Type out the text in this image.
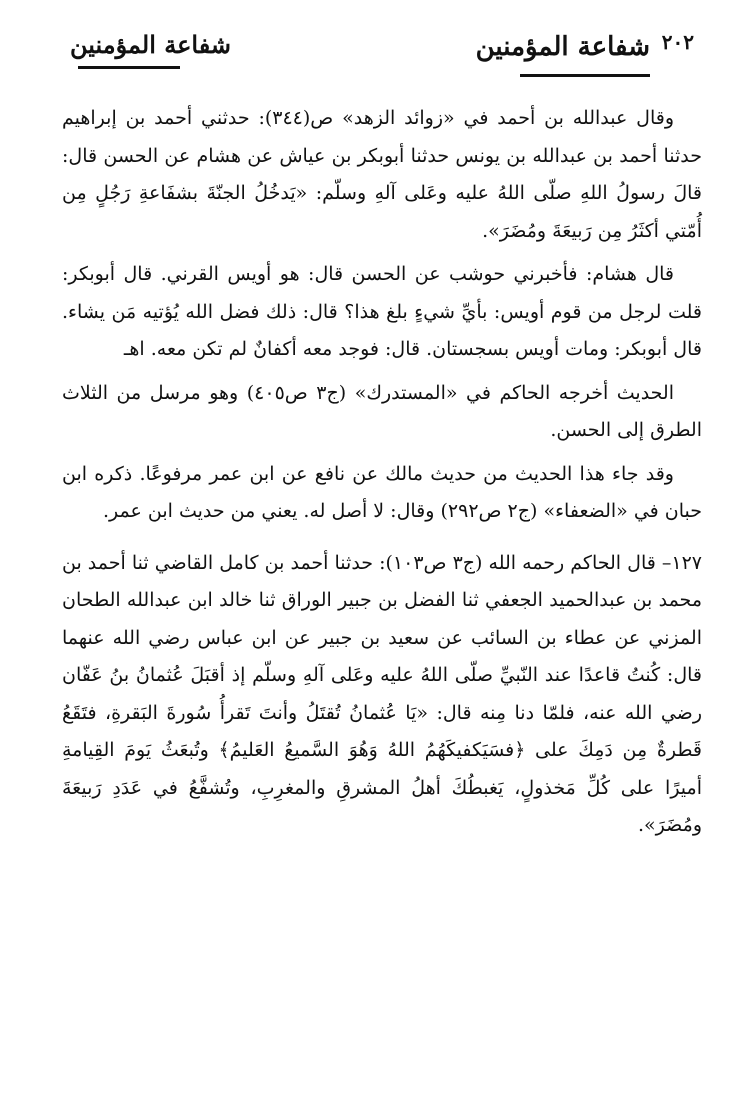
شفاعة المؤمنين	شفاعة المؤمنين ٢٠٢

وقال عبدالله بن أحمد في «زوائد الزهد» ص(٣٤٤): حدثني أحمد بن إبراهيم حدثنا أحمد بن عبدالله بن يونس حدثنا أبوبكر بن عياش عن هشام عن الحسن قال: قالَ رسولُ اللهِ صلّى اللهُ عليه وعَلى آلهِ وسلّم: «يَدخُلُ الجنّةَ بشفَاعةِ رَجُلٍ مِن أُمّتي أكثَرُ مِن رَبيعَةَ ومُضَرَ».

قال هشام: فأخبرني حوشب عن الحسن قال: هو أويس القرني. قال أبوبكر: قلت لرجل من قوم أويس: بأيِّ شيءٍ بلغ هذا؟ قال: ذلك فضل الله يُؤتيه مَن يشاء. قال أبوبكر: ومات أويس بسجستان. قال: فوجد معه أكفانٌ لم تكن معه. اهـ

الحديث أخرجه الحاكم في «المستدرك» (ج٣ ص٤٠٥) وهو مرسل من الثلاث الطرق إلى الحسن.

وقد جاء هذا الحديث من حديث مالك عن نافع عن ابن عمر مرفوعًا. ذكره ابن حبان في «الضعفاء» (ج٢ ص٢٩٢) وقال: لا أصل له. يعني من حديث ابن عمر.

١٢٧– قال الحاكم رحمه الله (ج٣ ص١٠٣): حدثنا أحمد بن كامل القاضي ثنا أحمد بن محمد بن عبدالحميد الجعفي ثنا الفضل بن جبير الوراق ثنا خالد ابن عبدالله الطحان المزني عن عطاء بن السائب عن سعيد بن جبير عن ابن عباس رضي الله عنهما قال: كُنتُ قاعدًا عند النّبيِّ صلّى اللهُ عليه وعَلى آلهِ وسلّم إذ أقبَلَ عُثمانُ بنُ عَفّان رضي الله عنه، فلمّا دنا مِنه قال: «يَا عُثمانُ تُقتَلُ وأنتَ تَقرأُ سُورةَ البَقرةِ، فتَقَعُ قَطرةٌ مِن دَمِكَ على ﴿فسَيَكفيكَهُمُ اللهُ وَهُوَ السَّميعُ العَليمُ﴾ وتُبعَثُ يَومَ القِيامةِ أميرًا على كُلِّ مَخذولٍ، يَغبطُكَ أهلُ المشرقِ والمغرِبِ، وتُشفَّعُ في عَدَدِ رَبيعَةَ ومُضَرَ».
